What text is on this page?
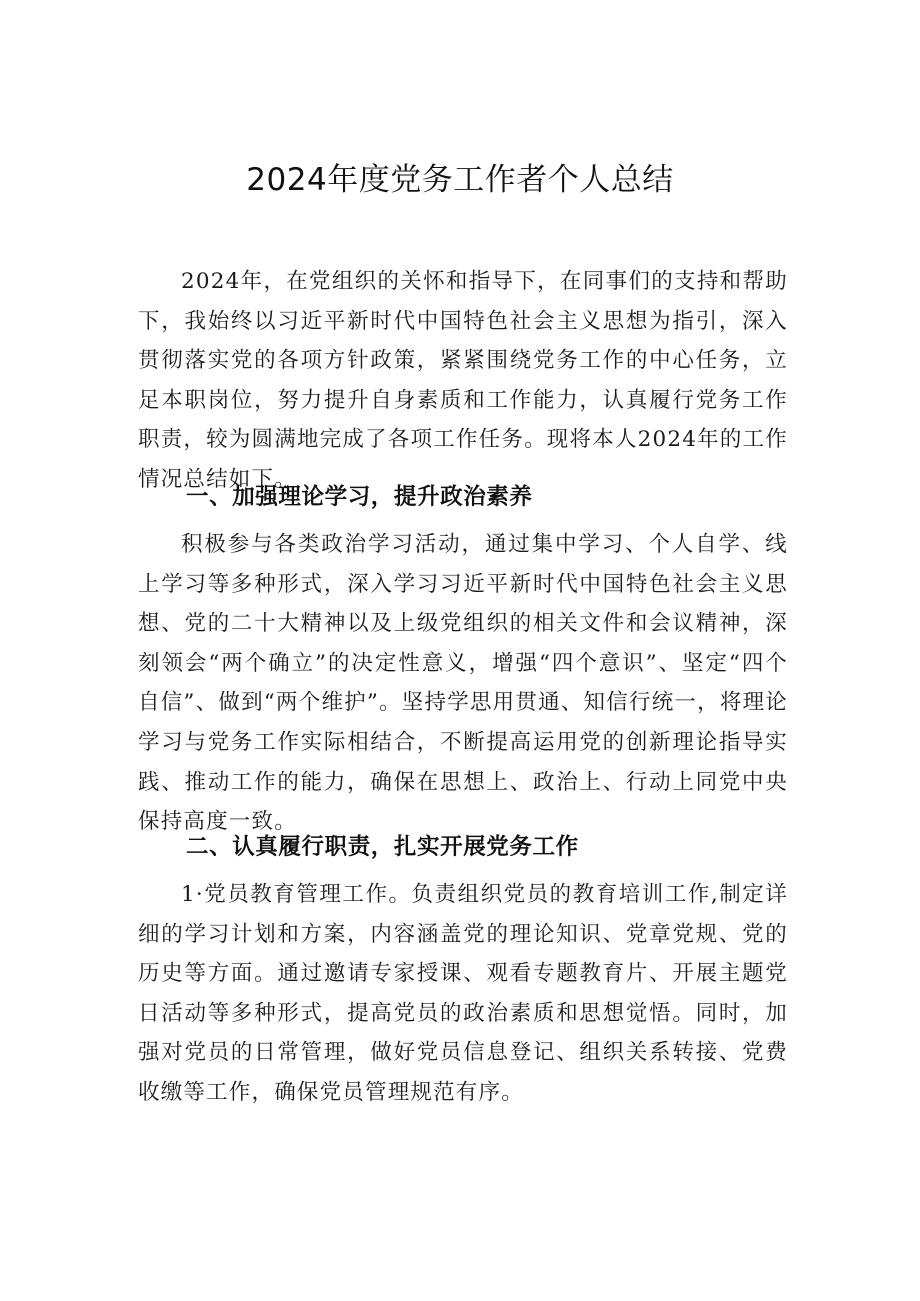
2024年度党务工作者个人总结

2024年，在党组织的关怀和指导下，在同事们的支持和帮助下，我始终以习近平新时代中国特色社会主义思想为指引，深入贯彻落实党的各项方针政策，紧紧围绕党务工作的中心任务，立足本职岗位，努力提升自身素质和工作能力，认真履行党务工作职责，较为圆满地完成了各项工作任务。现将本人2024年的工作情况总结如下。

一、加强理论学习，提升政治素养

积极参与各类政治学习活动，通过集中学习、个人自学、线上学习等多种形式，深入学习习近平新时代中国特色社会主义思想、党的二十大精神以及上级党组织的相关文件和会议精神，深刻领会“两个确立”的决定性意义，增强“四个意识”、坚定“四个自信”、做到“两个维护”。坚持学思用贯通、知信行统一，将理论学习与党务工作实际相结合，不断提高运用党的创新理论指导实践、推动工作的能力，确保在思想上、政治上、行动上同党中央保持高度一致。

二、认真履行职责，扎实开展党务工作

1·党员教育管理工作。负责组织党员的教育培训工作,制定详细的学习计划和方案，内容涵盖党的理论知识、党章党规、党的历史等方面。通过邀请专家授课、观看专题教育片、开展主题党日活动等多种形式，提高党员的政治素质和思想觉悟。同时，加强对党员的日常管理，做好党员信息登记、组织关系转接、党费收缴等工作，确保党员管理规范有序。
